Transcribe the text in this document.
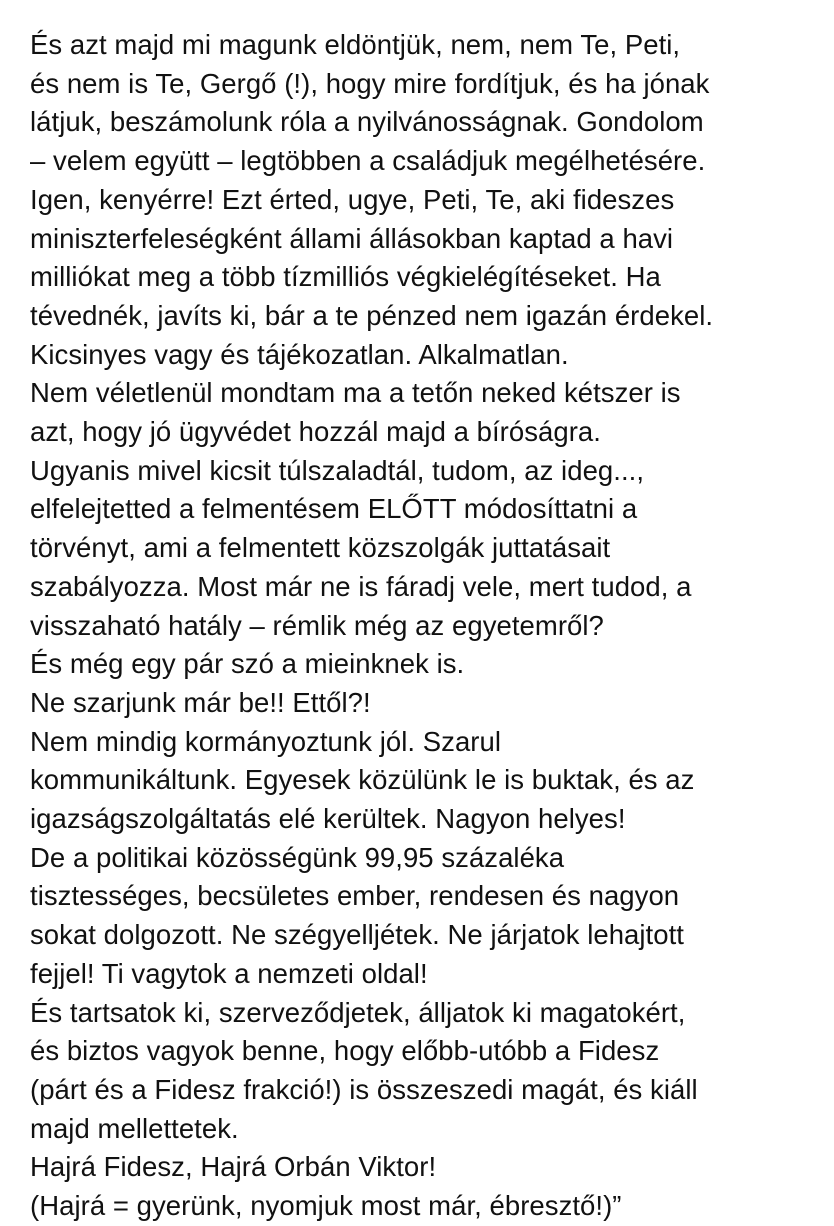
És azt majd mi magunk eldöntjük, nem, nem Te, Peti,
és nem is Te, Gergő (!), hogy mire fordítjuk, és ha jónak
látjuk, beszámolunk róla a nyilvánosságnak. Gondolom
– velem együtt – legtöbben a családjuk megélhetésére.
Igen, kenyérre! Ezt érted, ugye, Peti, Te, aki fideszes
miniszterfeleségként állami állásokban kaptad a havi
milliókat meg a több tízmilliós végkielégítéseket. Ha
tévednék, javíts ki, bár a te pénzed nem igazán érdekel.
Kicsinyes vagy és tájékozatlan. Alkalmatlan.
Nem véletlenül mondtam ma a tetőn neked kétszer is
azt, hogy jó ügyvédet hozzál majd a bíróságra.
Ugyanis mivel kicsit túlszaladtál, tudom, az ideg...,
elfelejtetted a felmentésem ELŐTT módosíttatni a
törvényt, ami a felmentett közszolgák juttatásait
szabályozza. Most már ne is fáradj vele, mert tudod, a
visszaható hatály – rémlik még az egyetemről?
És még egy pár szó a mieinknek is.
Ne szarjunk már be!! Ettől?!
Nem mindig kormányoztunk jól. Szarul
kommunikáltunk. Egyesek közülünk le is buktak, és az
igazságszolgáltatás elé kerültek. Nagyon helyes!
De a politikai közösségünk 99,95 százaléka
tisztességes, becsületes ember, rendesen és nagyon
sokat dolgozott. Ne szégyelljétek. Ne járjatok lehajtott
fejjel! Ti vagytok a nemzeti oldal!
És tartsatok ki, szerveződjetek, álljatok ki magatokért,
és biztos vagyok benne, hogy előbb-utóbb a Fidesz
(párt és a Fidesz frakció!) is összeszedi magát, és kiáll
majd mellettetek.
Hajrá Fidesz, Hajrá Orbán Viktor!
(Hajrá = gyerünk, nyomjuk most már, ébresztő!)”
